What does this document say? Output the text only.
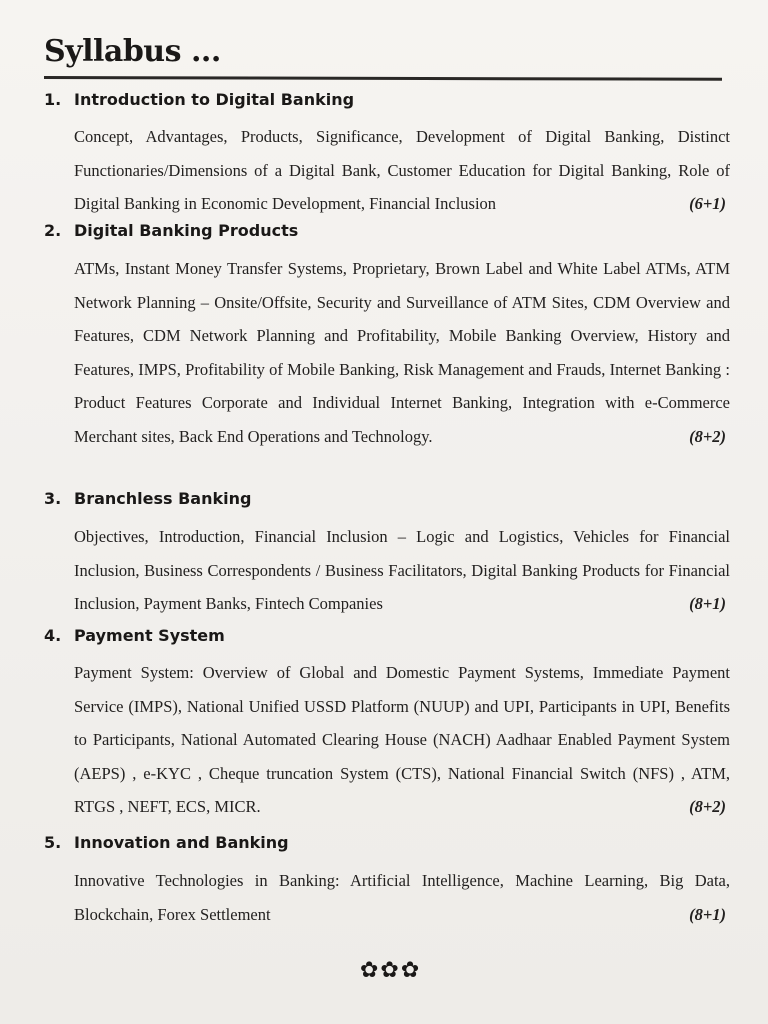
Syllabus ...
1. Introduction to Digital Banking
Concept, Advantages, Products, Significance, Development of Digital Banking, Distinct Functionaries/Dimensions of a Digital Bank, Customer Education for Digital Banking, Role of Digital Banking in Economic Development, Financial Inclusion	(6+1)
2. Digital Banking Products
ATMs, Instant Money Transfer Systems, Proprietary, Brown Label and White Label ATMs, ATM Network Planning – Onsite/Offsite, Security and Surveillance of ATM Sites, CDM Overview and Features, CDM Network Planning and Profitability, Mobile Banking Overview, History and Features, IMPS, Profitability of Mobile Banking, Risk Management and Frauds, Internet Banking : Product Features Corporate and Individual Internet Banking, Integration with e-Commerce Merchant sites, Back End Operations and Technology.	(8+2)
3. Branchless Banking
Objectives, Introduction, Financial Inclusion – Logic and Logistics, Vehicles for Financial Inclusion, Business Correspondents / Business Facilitators, Digital Banking Products for Financial Inclusion, Payment Banks, Fintech Companies	(8+1)
4. Payment System
Payment System: Overview of Global and Domestic Payment Systems, Immediate Payment Service (IMPS), National Unified USSD Platform (NUUP) and UPI, Participants in UPI, Benefits to Participants, National Automated Clearing House (NACH) Aadhaar Enabled Payment System (AEPS) , e-KYC , Cheque truncation System (CTS), National Financial Switch (NFS) , ATM, RTGS , NEFT, ECS, MICR.	(8+2)
5. Innovation and Banking
Innovative Technologies in Banking: Artificial Intelligence, Machine Learning, Big Data, Blockchain, Forex Settlement	(8+1)
✿✿✿
